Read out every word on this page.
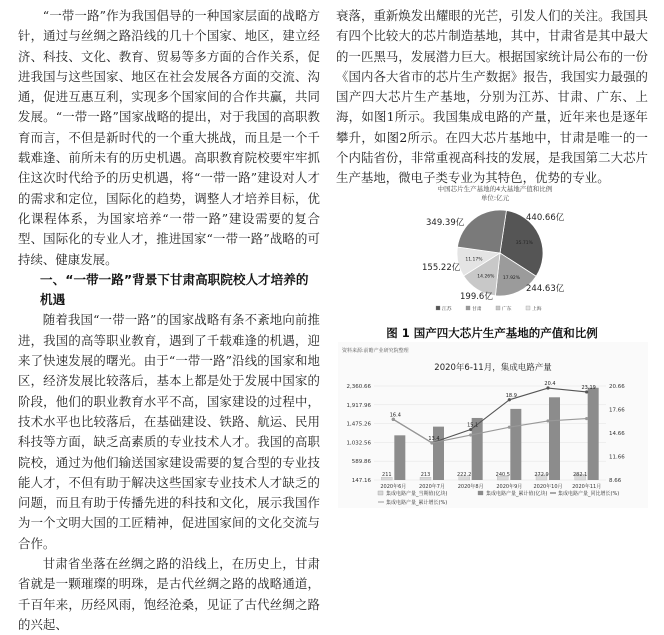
“一带一路”作为我国倡导的一种国家层面的战略方针，通过与丝绸之路沿线的几十个国家、地区，建立经济、科技、文化、教育、贸易等多方面的合作关系，促进我国与这些国家、地区在社会发展各方面的交流、沟通，促进互惠互利，实现多个国家间的合作共赢，共同发展。“一带一路”国家战略的提出，对于我国的高职教育而言，不但是新时代的一个重大挑战，而且是一个千载难逢、前所未有的历史机遇。高职教育院校要牢牢抓住这次时代给予的历史机遇，将“一带一路”建设对人才的需求和定位，国际化的趋势，调整人才培养目标，优化课程体系，为国家培养“一带一路”建设需要的复合型、国际化的专业人才，推进国家“一带一路”战略的可持续、健康发展。

一、“一带一路”背景下甘肃高职院校人才培养的机遇

随着我国“一带一路”的国家战略有条不紊地向前推进，我国的高等职业教育，遇到了千载难逢的机遇，迎来了快速发展的曙光。由于“一带一路”沿线的国家和地区，经济发展比较落后，基本上都是处于发展中国家的阶段，他们的职业教育水平不高，国家建设的过程中，技术水平也比较落后，在基础建设、铁路、航运、民用科技等方面，缺乏高素质的专业技术人才。我国的高职院校，通过为他们输送国家建设需要的复合型的专业技能人才，不但有助于解决这些国家专业技术人才缺乏的问题，而且有助于传播先进的科技和文化，展示我国作为一个文明大国的工匠精神，促进国家间的文化交流与合作。

甘肃省坐落在丝绸之路的沿线上，在历史上，甘肃省就是一颗璀璨的明珠，是古代丝绸之路的战略通道，千百年来，历经风雨，饱经沧桑，见证了古代丝绸之路的兴起、

衰落，重新焕发出耀眼的光芒，引发人们的关注。我国具有四个比较大的芯片制造基地，其中，甘肃省是其中最大的一匹黑马，发展潜力巨大。根据国家统计局公布的一份《国内各大省市的芯片生产数据》报告，我国实力最强的国产四大芯片生产基地，分别为江苏、甘肃、广东、上海，如图1所示。我国集成电路的产量，近年来也是逐年攀升，如图2所示。在四大芯片基地中，甘肃是唯一的一个内陆省份，非常重视高科技的发展，是我国第二大芯片生产基地，微电子类专业为其特色，优势的专业。

中国芯片生产基地的4大基地产值和比例
单位:亿元
35.71%
440.66亿
17.92%
244.63亿
14.26%
199.6亿
11.17%
155.22亿
349.39亿
江苏	甘肃	广东	上海

图 1 国产四大芯片生产基地的产值和比例

资料来源:前瞻产业研究院整理
2020年6-11月，集成电路产量
2,360.66
1,917.96
1,475.26
1,032.56
589.86
147.16
20.66
17.66
14.66
11.66
8.66
211
2020年6月
213
2020年7月
222.2
2020年8月
240.5
2020年9月
272.9
2020年10月
282.1
2020年11月
16.4
13.4
15.1
18.9
20.4
23.19
集成电路产量_当期值(亿块)	集成电路产量_累计值(亿块) 集成电路产量_同比增长(%)
集成电路产量_累计增长(%)
